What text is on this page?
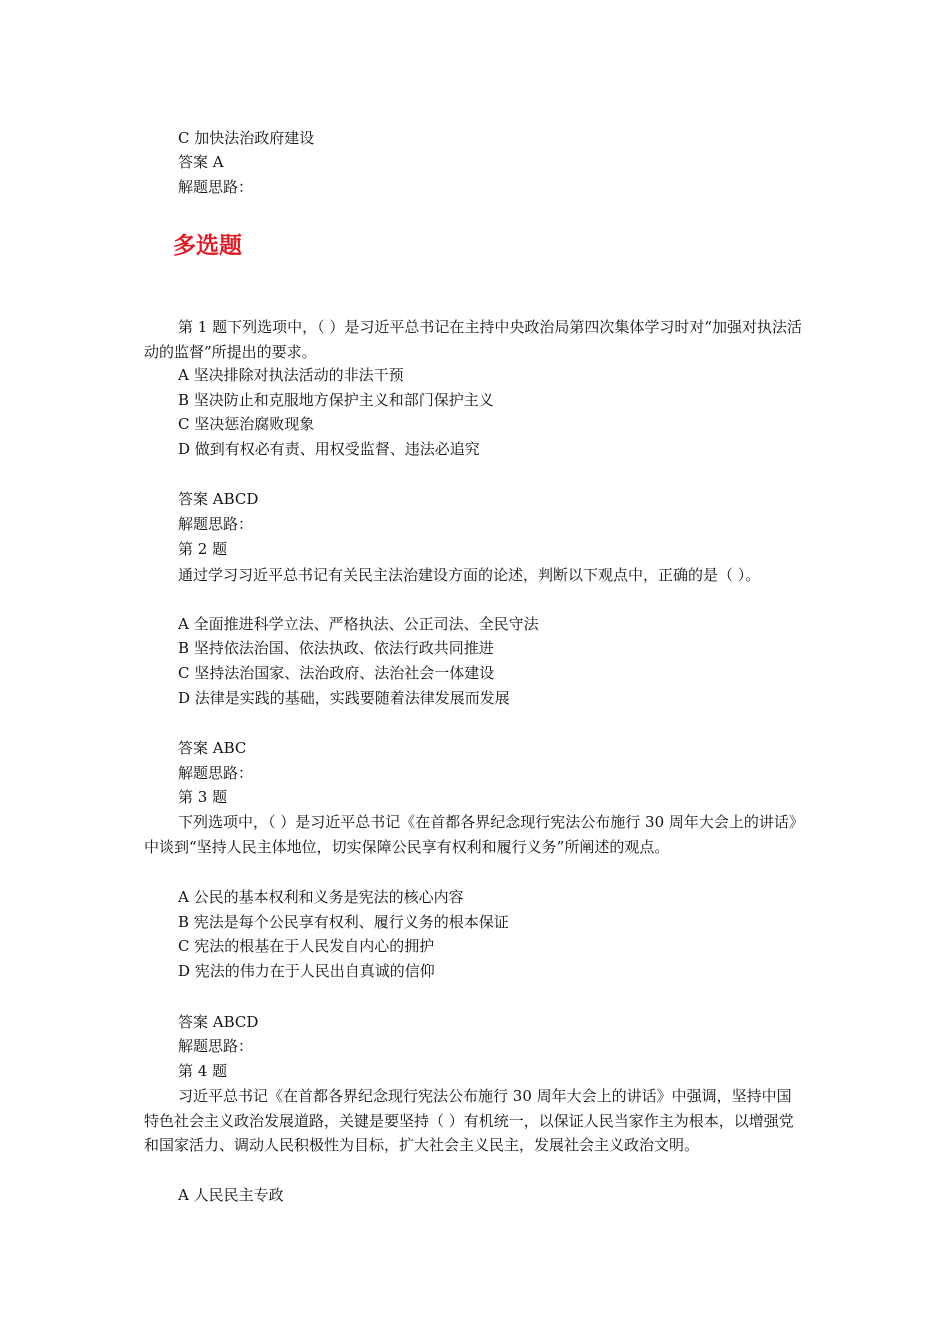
C 加快法治政府建设
答案 A
解题思路：
多选题
第 1 题下列选项中，（ ）是习近平总书记在主持中央政治局第四次集体学习时对“加强对执法活动的监督”所提出的要求。
A 坚决排除对执法活动的非法干预
B 坚决防止和克服地方保护主义和部门保护主义
C 坚决惩治腐败现象
D 做到有权必有责、用权受监督、违法必追究
答案 ABCD
解题思路：
第 2 题
通过学习习近平总书记有关民主法治建设方面的论述，判断以下观点中，正确的是（ ）。
A 全面推进科学立法、严格执法、公正司法、全民守法
B 坚持依法治国、依法执政、依法行政共同推进
C 坚持法治国家、法治政府、法治社会一体建设
D 法律是实践的基础，实践要随着法律发展而发展
答案 ABC
解题思路：
第 3 题
下列选项中，（ ）是习近平总书记《在首都各界纪念现行宪法公布施行 30 周年大会上的讲话》中谈到“坚持人民主体地位，切实保障公民享有权利和履行义务”所阐述的观点。
A 公民的基本权利和义务是宪法的核心内容
B 宪法是每个公民享有权利、履行义务的根本保证
C 宪法的根基在于人民发自内心的拥护
D 宪法的伟力在于人民出自真诚的信仰
答案 ABCD
解题思路：
第 4 题
习近平总书记《在首都各界纪念现行宪法公布施行 30 周年大会上的讲话》中强调，坚持中国特色社会主义政治发展道路，关键是要坚持（ ）有机统一，以保证人民当家作主为根本，以增强党和国家活力、调动人民积极性为目标，扩大社会主义民主，发展社会主义政治文明。
A 人民民主专政
